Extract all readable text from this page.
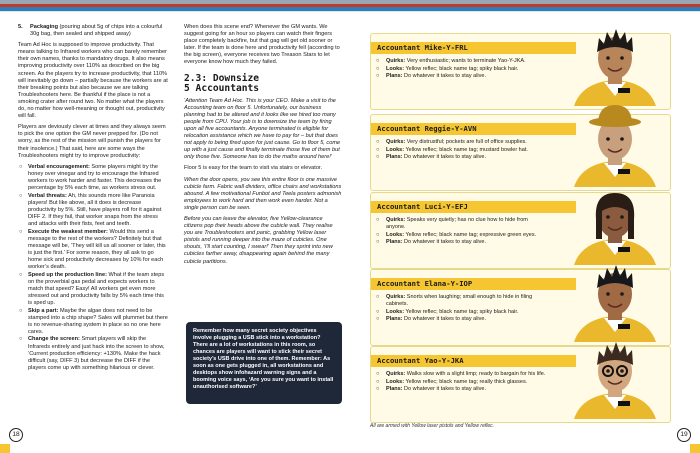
5. Packaging (pouring about 5g of chips into a colourful 30g bag, then sealed and shipped away)

Team Ad Hoc is supposed to improve productivity. That means talking to Infrared workers who can barely remember their own names, thanks to mandatory drugs. It also means improving productivity over 110% as described on the big screen. As the players try to increase productivity, that 110% will inevitably go down – partially because the workers are at their breaking points but also because we are talking Troubleshooters here. Be thankful if the place is not a smoking crater after round two. No matter what the players do, no matter how well-meaning or thought out, productivity will fall.

Players are deviously clever at times and they always seem to pick the one option the GM never prepped for. (Do not worry, as the rest of the mission will punish the players for their insolence.) That said, here are some ways the Troubleshooters might try to improve productivity:

○ Verbal encouragement: Some players might try the honey over vinegar and try to encourage the Infrared workers to work harder and faster. This decreases the percentage by 5% each time, as workers stress out.
○ Verbal threats: Ah, this sounds more like Paranoia players! But like above, all it does is decrease productivity by 5%. Still, have players roll for it against DIFF 2. If they fail, that worker snaps from the stress and attacks with their fists, feet and teeth.
○ Execute the weakest member: Would this send a message to the rest of the workers? Definitely but that message will be, ‘They will kill us all sooner or later, this is just the first.’ For some reason, they all ask to go home sick and productivity decreases by 10% for each worker’s death.
○ Speed up the production line: What if the team steps on the proverbial gas pedal and expects workers to match that speed? Easy! All workers get even more stressed out and productivity falls by 5% each time this is sped up.
○ Skip a part: Maybe the algae does not need to be stamped into a chip shape? Sales will plummet but there is no revenue-sharing system in place so no one here cares.
○ Change the screen: Smart players will skip the Infrareds entirely and just hack into the screen to show, ‘Current production efficiency: +130%. Make the hack difficult (say, DIFF 3) but decrease the DIFF if the players come up with something hilarious or clever.

When does this scene end? Whenever the GM wants. We suggest going for an hour so players can watch their fingers place completely backfire, but that gag will get old sooner or later. If the team is done here and productivity fell (according to the big screen), everyone receives two Treason Stars to let everyone know how much they failed.

2.3: Downsize
5 Accountants

‘Attention Team Ad Hoc. This is your CEO. Make a visit to the Accounting team on floor 5. Unfortunately, our business planning had to be altered and it looks like we hired too many people from CPU. Your job is to downsize the team by firing upon all five accountants. Anyone terminated is eligible for relocation assistance which we have to pay for – but that does not apply to being fired upon for just cause. Go to floor 5, come up with a just cause and finally terminate those five of them but only those five. Someone has to do the maths around here!’

Floor 5 is easy for the team to visit via stairs or elevator.

When the door opens, you see this entire floor is one massive cubicle farm. Fabric wall dividers, office chairs and workstations abound. A few motivational Funbot and Teela posters admonish employees to work hard and then work even harder. Not a single person can be seen.

Before you can leave the elevator, five Yellow-clearance citizens pop their heads above the cubicle wall. They realise you are Troubleshooters and panic, grabbing Yellow laser pistols and running deeper into the maze of cubicles. One shouts, ‘I'll start counting, I swear!’ Then they sprint into new cubicles farther away, disappearing again behind the many cubicle partitions.

Remember how many secret society objectives involve plugging a USB stick into a workstation? There are a lot of workstations in this room, so chances are players will want to stick their secret society’s USB drive into one of them. Remember: As soon as one gets plugged in, all workstations and desktops show infohazard warning signs and a booming voice says, ‘Are you sure you want to install unauthorised software?’
Accountant Mike-Y-FRL
○ Quirks: Very enthusiastic; wants to terminate Yao-Y-JKA.
○ Looks: Yellow reflec; black name tag; spiky black hair.
○ Plans: Do whatever it takes to stay alive.
Accountant Reggie-Y-AVN
○ Quirks: Very distrustful; pockets are full of office supplies.
○ Looks: Yellow reflec; black name tag; mustard bowler hat.
○ Plans: Do whatever it takes to stay alive.
Accountant Luci-Y-EFJ
○ Quirks: Speaks very quietly; has no clue how to hide from anyone.
○ Looks: Yellow reflec; black name tag; expressive green eyes.
○ Plans: Do whatever it takes to stay alive.
Accountant Elana-Y-IOP
○ Quirks: Snorts when laughing; small enough to hide in filing cabinets.
○ Looks: Yellow reflec; black name tag; spiky black hair.
○ Plans: Do whatever it takes to stay alive.
Accountant Yao-Y-JKA
○ Quirks: Walks slow with a slight limp; ready to bargain for his life.
○ Looks: Yellow reflec; black name tag; really thick glasses.
○ Plans: Do whatever it takes to stay alive.
All are armed with Yellow laser pistols and Yellow reflec.
18	19
